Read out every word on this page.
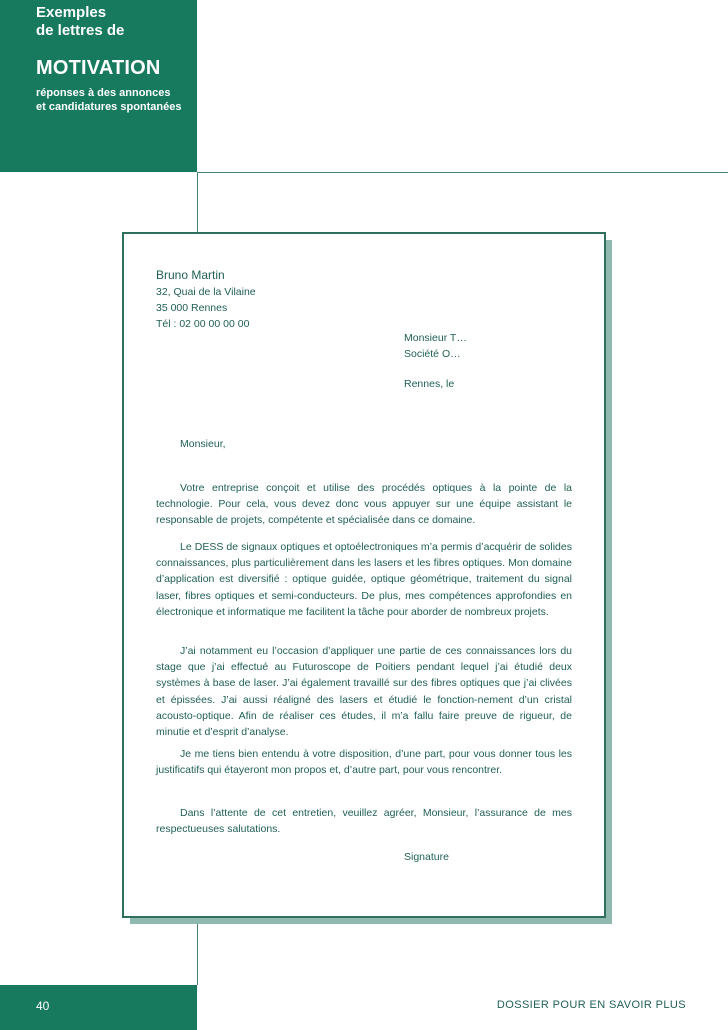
Exemples
de lettres de
MOTIVATION
réponses à des annonces
et candidatures spontanées
Bruno Martin
32, Quai de la Vilaine
35 000 Rennes
Tél : 02 00 00 00 00
Monsieur T…
Société O…
Rennes, le
Monsieur,
Votre entreprise conçoit et utilise des procédés optiques à la pointe de la technologie. Pour cela, vous devez donc vous appuyer sur une équipe assistant le responsable de projets, compétente et spécialisée dans ce domaine.
Le DESS de signaux optiques et optoélectroniques m’a permis d’acquérir de solides connaissances, plus particulièrement dans les lasers et les fibres optiques. Mon domaine d’application est diversifié : optique guidée, optique géométrique, traitement du signal laser, fibres optiques et semi-conducteurs. De plus, mes compétences approfondies en électronique et informatique me facilitent la tâche pour aborder de nombreux projets.
J’ai notamment eu l’occasion d’appliquer une partie de ces connaissances lors du stage que j’ai effectué au Futuroscope de Poitiers pendant lequel j’ai étudié deux systèmes à base de laser. J’ai également travaillé sur des fibres optiques que j’ai clivées et épissées. J’ai aussi réaligné des lasers et étudié le fonction-nement d’un cristal acousto-optique. Afin de réaliser ces études, il m’a fallu faire preuve de rigueur, de minutie et d’esprit d’analyse.
Je me tiens bien entendu à votre disposition, d’une part, pour vous donner tous les justificatifs qui étayeront mon propos et, d’autre part, pour vous rencontrer.
Dans l’attente de cet entretien, veuillez agréer, Monsieur, l’assurance de mes respectueuses salutations.
Signature
40	DOSSIER POUR EN SAVOIR PLUS
